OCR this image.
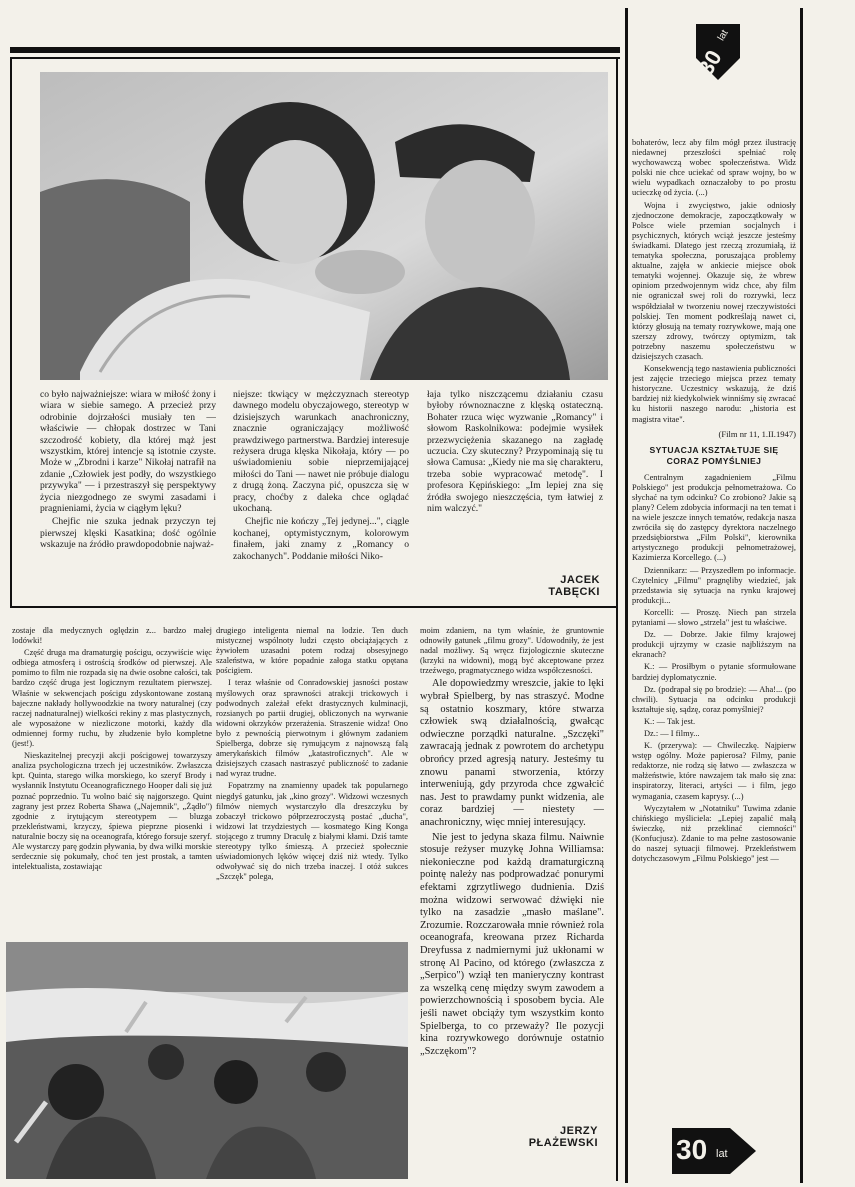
30
lat

co było najważniejsze: wiara w miłość żony i wiara w siebie samego. A przecież przy odrobinie dojrzałości musiały ten — właściwie — chłopak dostrzec w Tani szczodrość kobiety, dla której mąż jest wszystkim, której intencje są istotnie czyste. Może w „Zbrodni i karze" Nikołaj natrafił na zdanie „Człowiek jest podły, do wszystkiego przywyka" — i przestraszył się perspektywy życia niezgodnego ze swymi zasadami i pragnieniami, życia w ciągłym lęku?

Chejfic nie szuka jednak przyczyn tej pierwszej klęski Kasatkina; dość ogólnie wskazuje na źródło prawdopodobnie najważ-

niejsze: tkwiący w mężczyznach stereotyp dawnego modelu obyczajowego, stereotyp w dzisiejszych warunkach anachroniczny, znacznie ograniczający możliwość prawdziwego partnerstwa. Bardziej interesuje reżysera druga klęska Nikołaja, który — po uświadomieniu sobie nieprzemijającej miłości do Tani — nawet nie próbuje dialogu z drugą żoną. Zaczyna pić, opuszcza się w pracy, choćby z daleka chce oglądać ukochaną.

Chejfic nie kończy „Tej jedynej...", ciągle kochanej, optymistycznym, kolorowym finałem, jaki znamy z „Romancy o zakochanych". Poddanie miłości Niko-

łaja tylko niszczącemu działaniu czasu byłoby równoznaczne z klęską ostateczną. Bohater rzuca więc wyzwanie „Romancy" i słowom Raskolnikowa: podejmie wysiłek przezwyciężenia skazanego na zagładę uczucia. Czy skuteczny? Przypominają się tu słowa Camusa: „Kiedy nie ma się charakteru, trzeba sobie wypracować metodę". I profesora Kępińskiego: „Im lepiej zna się źródła swojego nieszczęścia, tym łatwiej z nim walczyć."

JACEK
TABĘCKI

zostaje dla medycznych oględzin z... bardzo małej lodówki!

Część druga ma dramaturgię pościgu, oczywiście więc odbiega atmosferą i ostrością środków od pierwszej. Ale pomimo to film nie rozpada się na dwie osobne całości, tak bardzo część druga jest logicznym rezultatem pierwszej. Właśnie w sekwencjach pościgu zdyskontowane zostaną bajeczne nakłady hollywoodzkie na twory naturalnej (czy raczej nadnaturalnej) wielkości rekiny z mas plastycznych, ale wyposażone w niezliczone motorki, każdy dla odmiennej formy ruchu, by złudzenie było kompletne (jest!).

Nieskazitelnej precyzji akcji pościgowej towarzyszy analiza psychologiczna trzech jej uczestników. Zwłaszcza kpt. Quinta, starego wilka morskiego, ko szeryf Brody i wysłannik Instytutu Oceanograficznego Hooper dali się już poznać poprzednio. Tu wolno baić się najgorszego. Quint zagrany jest przez Roberta Shawa („Najemnik", „Żądło") zgodnie z irytującym stereotypem — bluzga przekleństwami, krzyczy, śpiewa pieprzne piosenki i naturalnie boczy się na oceanografa, którego forsuje szeryf. Ale wystarczy parę godzin pływania, by dwa wilki morskie serdecznie się pokumały, choć ten jest prostak, a tamten intelektualista, zostawiając

drugiego inteligenta niemal na lodzie. Ten duch mistycznej wspólnoty ludzi często obciążających z żywiołem uzasadni potem rodzaj obsesyjnego szaleństwa, w które popadnie załoga statku opętana pościgiem.

I teraz właśnie od Conradowskiej jasności postaw myślowych oraz sprawności atrakcji trickowych i podwodnych zależał efekt drastycznych kulminacji, rozsianych po partii drugiej, obliczonych na wyrwanie widowni okrzyków przerażenia. Straszenie widza! Ono było z pewnością pierwotnym i głównym zadaniem Spielberga, dobrze się rymującym z najnowszą falą amerykańskich filmów „katastroficznych". Ale w dzisiejszych czasach nastraszyć publiczność to zadanie nad wyraz trudne.

Fopatrzmy na znamienny upadek tak popularnego niegdyś gatunku, jak „kino grozy". Widzowi wczesnych filmów niemych wystarczyło dla dreszczyku by zobaczył trickowo półprzezroczystą postać „ducha", widzowi lat trzydziestych — kosmatego King Konga stojącego z trumny Draculę z białymi kłami. Dziś tamte stereotypy tylko śmieszą. A przecież społecznie uświadomionych lęków więcej dziś niż wtedy. Tylko odwoływać się do nich trzeba inaczej. I otóż sukces „Szczęk" polega,

moim zdaniem, na tym właśnie, że gruntownie odnowiły gatunek „filmu grozy". Udowodniły, że jest nadal możliwy. Są wręcz fizjologicznie skuteczne (krzyki na widowni), mogą być akceptowane przez trzeźwego, pragmatycznego widza współczesności.

Ale dopowiedzmy wreszcie, jakie to lęki wybrał Spielberg, by nas straszyć. Modne są ostatnio koszmary, które stwarza człowiek swą działalnością, gwałcąc odwieczne porządki naturalne. „Szczęki" zawracają jednak z powrotem do archetypu obrońcy przed agresją natury. Jesteśmy tu znowu panami stworzenia, którzy interweniują, gdy przyroda chce zgwałcić nas. Jest to prawdamy punkt widzenia, ale coraz bardziej — niestety — anachroniczny, więc mniej interesujący.

Nie jest to jedyna skaza filmu. Naiwnie stosuje reżyser muzykę Johna Williamsa: niekonieczne pod każdą dramaturgiczną pointę należy nas podprowadzać ponurymi efektami zgrzytliwego dudnienia. Dziś można widzowi serwować dźwięki nie tylko na zasadzie „masło maślane". Zrozumie. Rozczarowała mnie również rola oceanografa, kreowana przez Richarda Dreyfussa z nadmiernymi już ukłonami w stronę Al Pacino, od którego (zwłaszcza z „Serpico") wziął ten manieryczny kontrast za wszelką cenę między swym zawodem a powierzchownością i sposobem bycia. Ale jeśli nawet obciąży tym wszystkim konto Spielberga, to co przeważy? Ile pozycji kina rozrywkowego dorównuje ostatnio „Szczękom"?

JERZY
PŁAŻEWSKI

bohaterów, lecz aby film mógł przez ilustrację niedawnej przeszłości spełniać rolę wychowawczą wobec społeczeństwa. Widz polski nie chce uciekać od spraw wojny, bo w wielu wypadkach oznaczałoby to po prostu ucieczkę od życia. (...)

Wojna i zwycięstwo, jakie odniosły zjednoczone demokracje, zapoczątkowały w Polsce wiele przemian socjalnych i psychicznych, których wciąż jeszcze jesteśmy świadkami. Dlatego jest rzeczą zrozumiałą, iż tematyka społeczna, poruszająca problemy aktualne, zajęła w ankiecie miejsce obok tematyki wojennej. Okazuje się, że wbrew opiniom przedwojennym widz chce, aby film nie ograniczał swej roli do rozrywki, lecz współdziałał w tworzeniu nowej rzeczywistości polskiej. Ten moment podkreślają nawet ci, którzy głosują na tematy rozrywkowe, mają one szerszy zdrowy, twórczy optymizm, tak potrzebny naszemu społeczeństwu w dzisiejszych czasach.

Konsekwencją tego nastawienia publiczności jest zajęcie trzeciego miejsca przez tematy historyczne. Uczestnicy wskazują, że dziś bardziej niż kiedykolwiek winniśmy się zwracać ku historii naszego narodu: „historia est magistra vitae".

(Film nr 11, 1.II.1947)
SYTUACJA KSZTAŁTUJE SIĘ
CORAZ POMYŚLNIEJ

Centralnym zagadnieniem „Filmu Polskiego" jest produkcja pełnometrażowa. Co słychać na tym odcinku? Co zrobiono? Jakie są plany? Celem zdobycia informacji na ten temat i na wiele jeszcze innych tematów, redakcja nasza zwróciła się do zastępcy dyrektora naczelnego przedsiębiorstwa „Film Polski", kierownika artystycznego produkcji pełnometrażowej, Kazimierza Korcellego. (...)

Dziennikarz: — Przyszedłem po informacje. Czytelnicy „Filmu" pragnęliby wiedzieć, jak przedstawia się sytuacja na rynku krajowej produkcji...

Korcelli: — Proszę. Niech pan strzela pytaniami — słowo „strzela" jest tu właściwe.

Dz. — Dobrze. Jakie filmy krajowej produkcji ujrzymy w czasie najbliższym na ekranach?

K.: — Prosiłbym o pytanie sformułowane bardziej dyplomatycznie.

Dz. (podrapał się po brodzie): — Aha!... (po chwili). Sytuacja na odcinku produkcji kształtuje się, sądzę, coraz pomyślniej?

K.: — Tak jest.

Dz.: — I filmy...

K. (przerywa): — Chwileczkę. Najpierw wstęp ogólny. Może papierosa? Filmy, panie redaktorze, nie rodzą się łatwo — zwłaszcza w małżeństwie, które nawzajem tak mało się zna: inspiratorzy, literaci, artyści — i film, jego wymagania, czasem kaprysy. (...)

Wyczytałem w „Notatniku" Tuwima zdanie chińskiego myśliciela: „Lepiej zapalić małą świeczkę, niż przeklinać ciemności" (Konfucjusz). Zdanie to ma pełne zastosowanie do naszej sytuacji filmowej. Przekleństwem dotychczasowym „Filmu Polskiego" jest —

30 lat
